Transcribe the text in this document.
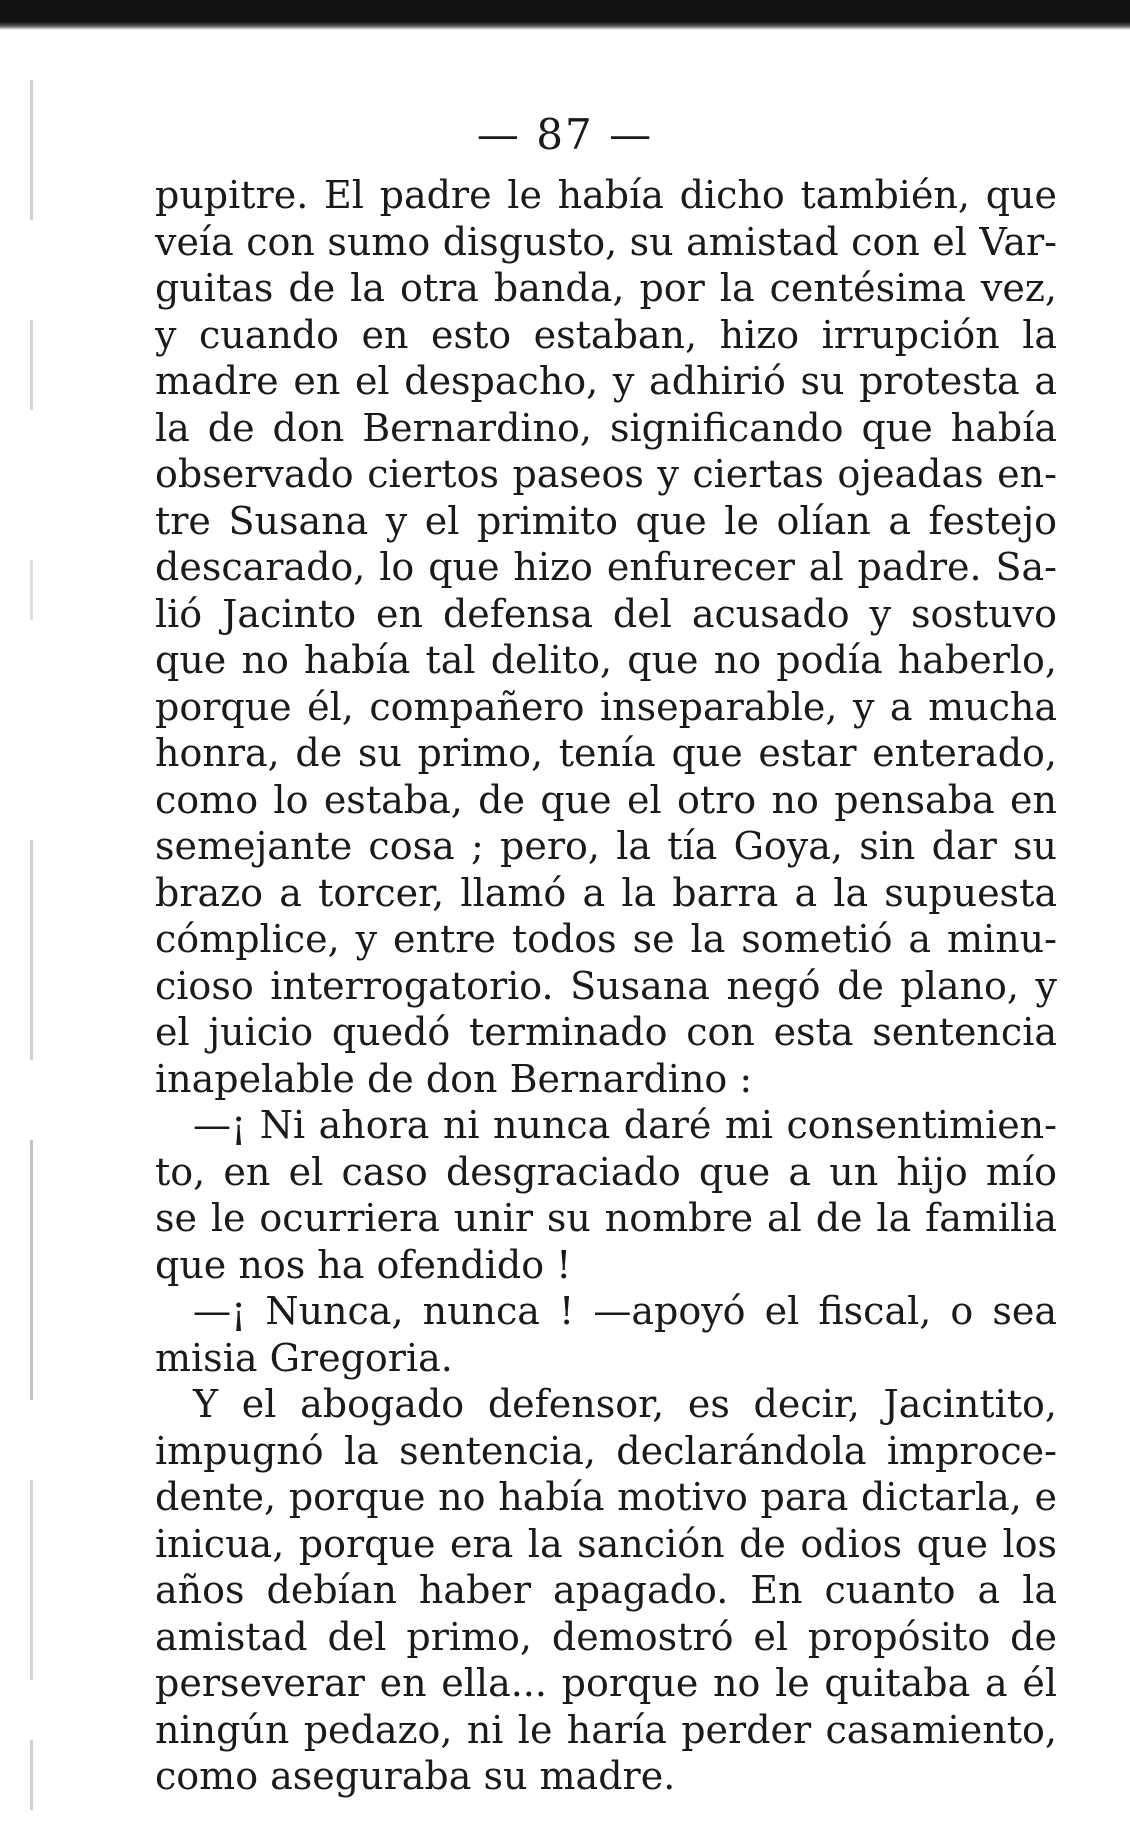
— 87 —
pupitre. El padre le había dicho también, que
veía con sumo disgusto, su amistad con el Var-
guitas de la otra banda, por la centésima vez,
y cuando en esto estaban, hizo irrupción la
madre en el despacho, y adhirió su protesta a
la de don Bernardino, significando que había
observado ciertos paseos y ciertas ojeadas en-
tre Susana y el primito que le olían a festejo
descarado, lo que hizo enfurecer al padre. Sa-
lió Jacinto en defensa del acusado y sostuvo
que no había tal delito, que no podía haberlo,
porque él, compañero inseparable, y a mucha
honra, de su primo, tenía que estar enterado,
como lo estaba, de que el otro no pensaba en
semejante cosa ; pero, la tía Goya, sin dar su
brazo a torcer, llamó a la barra a la supuesta
cómplice, y entre todos se la sometió a minu-
cioso interrogatorio. Susana negó de plano, y
el juicio quedó terminado con esta sentencia
inapelable de don Bernardino :
—¡ Ni ahora ni nunca daré mi consentimien-
to, en el caso desgraciado que a un hijo mío
se le ocurriera unir su nombre al de la familia
que nos ha ofendido !
—¡ Nunca, nunca ! —apoyó el fiscal, o sea
misia Gregoria.
Y el abogado defensor, es decir, Jacintito,
impugnó la sentencia, declarándola improce-
dente, porque no había motivo para dictarla, e
inicua, porque era la sanción de odios que los
años debían haber apagado. En cuanto a la
amistad del primo, demostró el propósito de
perseverar en ella... porque no le quitaba a él
ningún pedazo, ni le haría perder casamiento,
como aseguraba su madre.
